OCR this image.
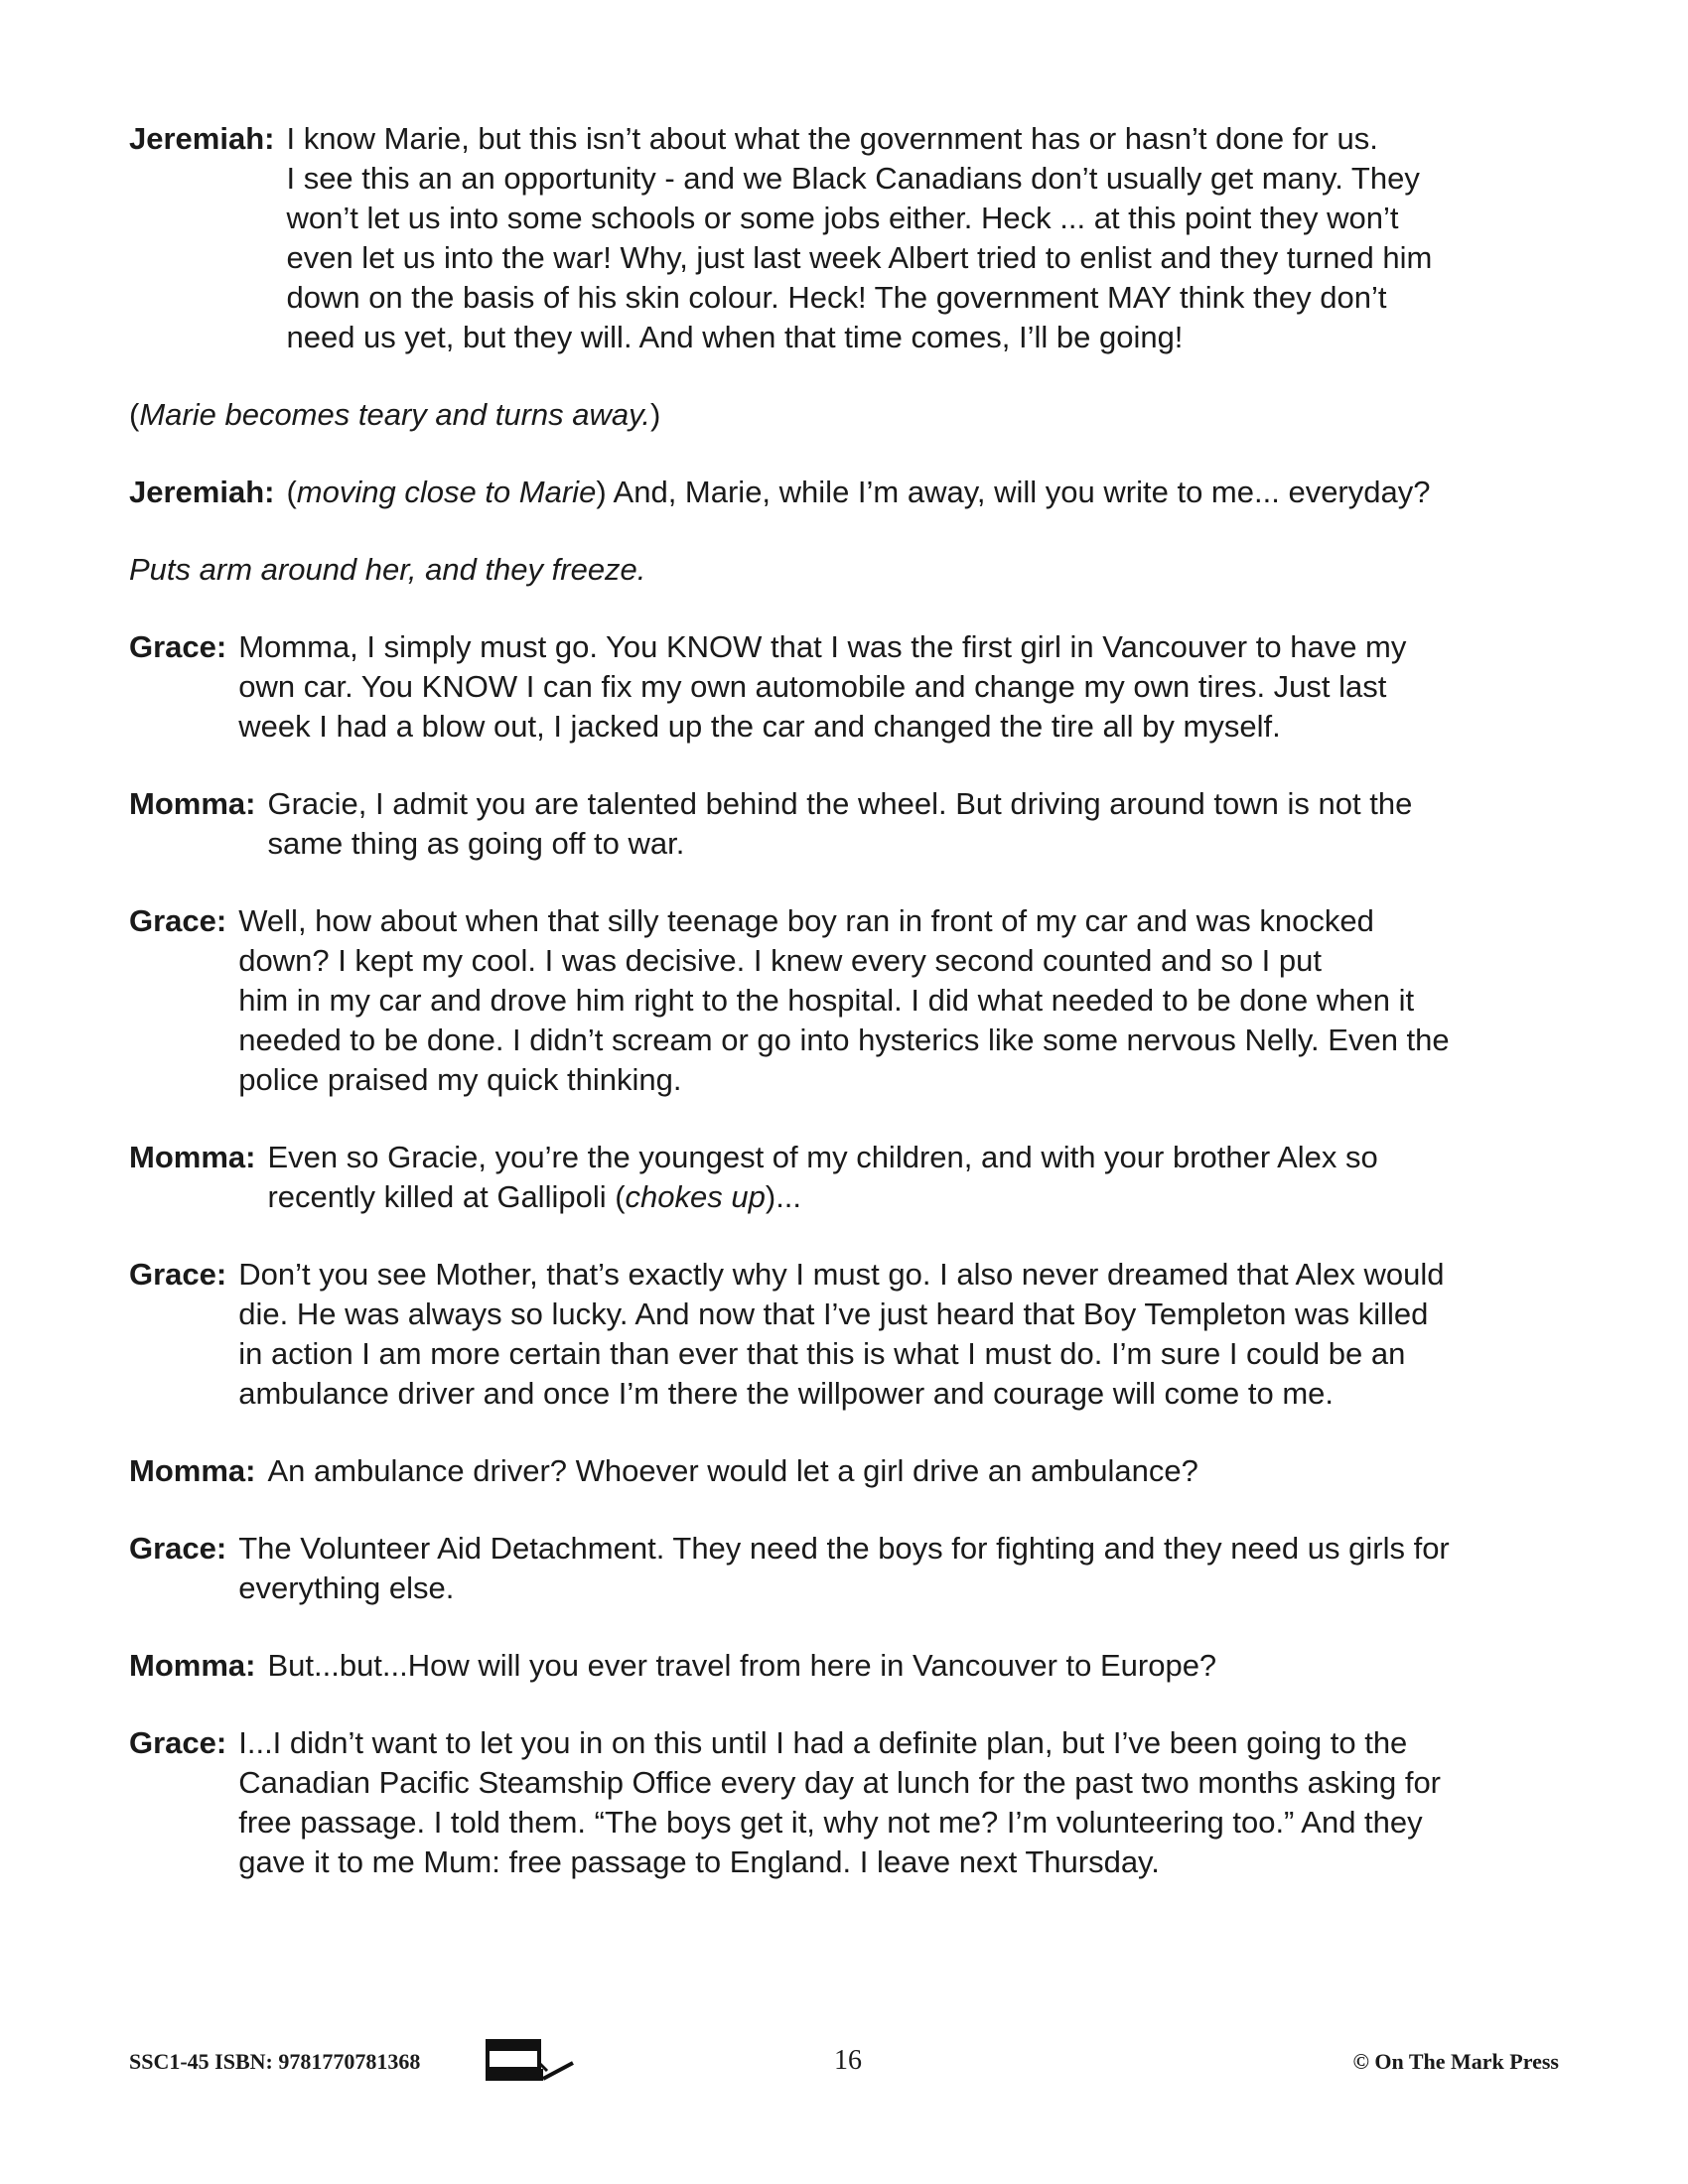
Jeremiah: I know Marie, but this isn’t about what the government has or hasn’t done for us.
I see this an an opportunity - and we Black Canadians don’t usually get many. They
won’t let us into some schools or some jobs either. Heck ... at this point they won’t
even let us into the war! Why, just last week Albert tried to enlist and they turned him
down on the basis of his skin colour. Heck! The government MAY think they don’t
need us yet, but they will. And when that time comes, I’ll be going!
(Marie becomes teary and turns away.)
Jeremiah: (moving close to Marie) And, Marie, while I’m away, will you write to me... everyday?
Puts arm around her, and they freeze.
Grace: Momma, I simply must go. You KNOW that I was the first girl in Vancouver to have my
own car. You KNOW I can fix my own automobile and change my own tires. Just last
week I had a blow out, I jacked up the car and changed the tire all by myself.
Momma: Gracie, I admit you are talented behind the wheel. But driving around town is not the
same thing as going off to war.
Grace: Well, how about when that silly teenage boy ran in front of my car and was knocked
down? I kept my cool. I was decisive. I knew every second counted and so I put
him in my car and drove him right to the hospital. I did what needed to be done when it
needed to be done. I didn’t scream or go into hysterics like some nervous Nelly. Even the
police praised my quick thinking.
Momma: Even so Gracie, you’re the youngest of my children, and with your brother Alex so
recently killed at Gallipoli (chokes up)...
Grace: Don’t you see Mother, that’s exactly why I must go. I also never dreamed that Alex would
die. He was always so lucky. And now that I’ve just heard that Boy Templeton was killed
in action I am more certain than ever that this is what I must do. I’m sure I could be an
ambulance driver and once I’m there the willpower and courage will come to me.
Momma: An ambulance driver? Whoever would let a girl drive an ambulance?
Grace: The Volunteer Aid Detachment. They need the boys for fighting and they need us girls for
everything else.
Momma: But...but...How will you ever travel from here in Vancouver to Europe?
Grace: I...I didn’t want to let you in on this until I had a definite plan, but I’ve been going to the
Canadian Pacific Steamship Office every day at lunch for the past two months asking for
free passage. I told them. “The boys get it, why not me? I’m volunteering too.” And they
gave it to me Mum: free passage to England. I leave next Thursday.
SSC1-45 ISBN: 9781770781368	16	© On The Mark Press
